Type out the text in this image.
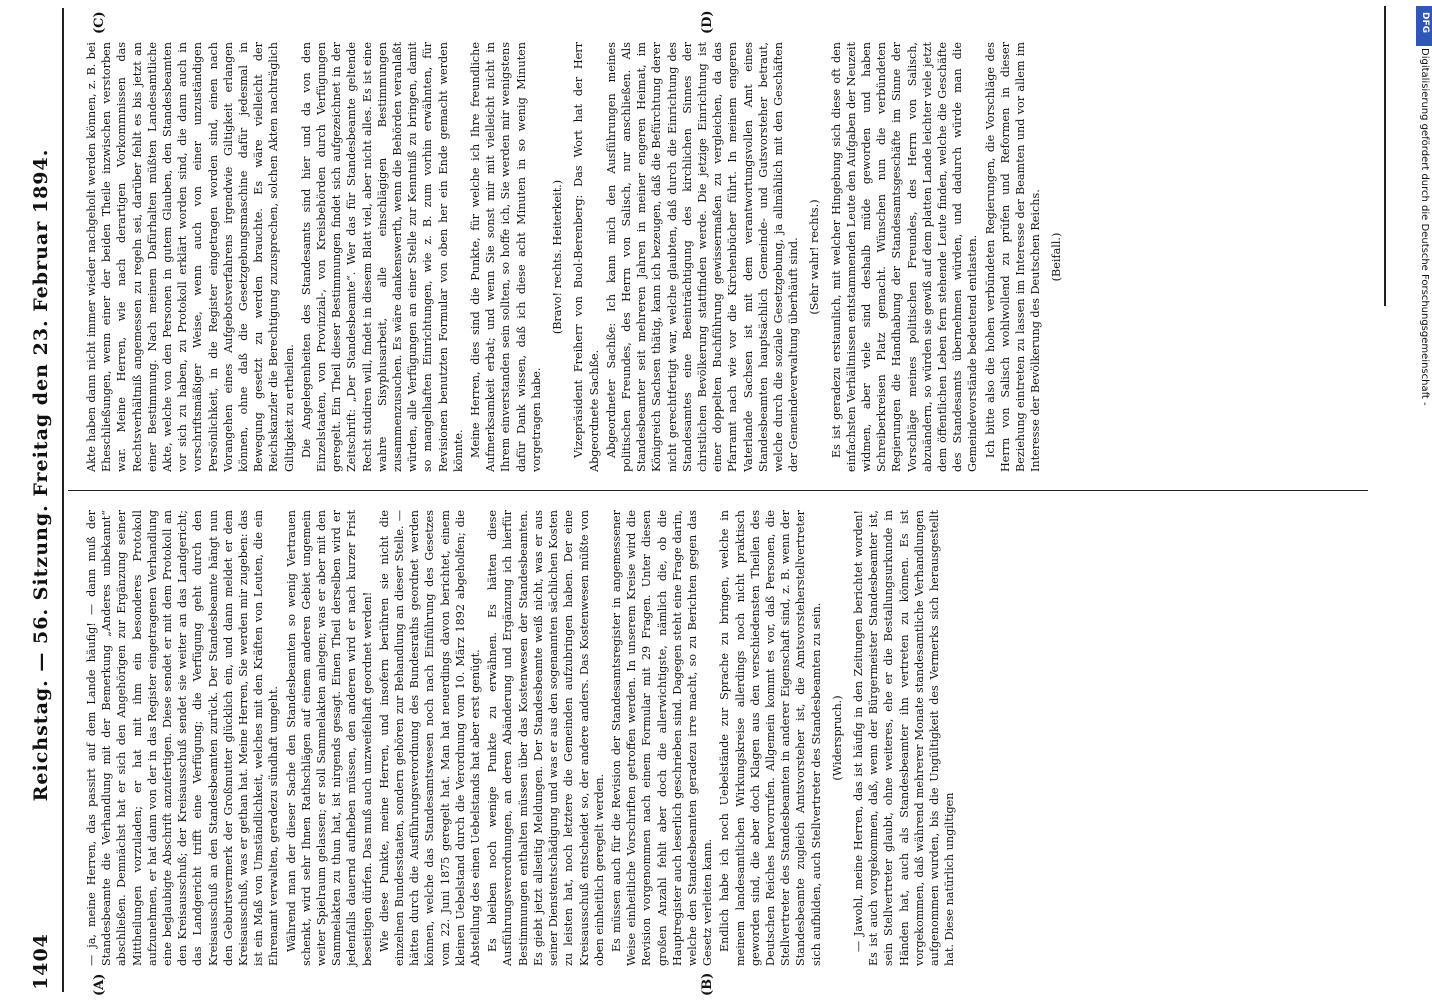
1404
Reichstag. — 56. Sitzung. Freitag den 23. Februar 1894.
(A)	(B)
(C)	(D)

— ja, meine Herren, das passirt auf dem Lande häufig! — dann muß der Standesbeamte die Verhandlung mit der Bemerkung „Anderes unbekannt“ abschließen. Demnächst hat er sich den Angehörigen zur Ergänzung seiner Mittheilungen vorzuladen; er hat mit ihm ein besonderes Protokoll aufzunehmen, er hat dann von der in das Register eingetragenen Verhandlung eine beglaubigte Abschrift anzufertigen. Diese sendet er mit dem Protokoll an den Kreisausschuß; der Kreisausschuß sendet sie weiter an das Landgericht; das Landgericht trifft eine Verfügung; die Verfügung geht durch den Kreisausschuß an den Standesbeamten zurück. Der Standesbeamte hängt nun den Geburtsvermerk der Großmutter glücklich ein, und dann meldet er dem Kreisausschuß, was er gethan hat. Meine Herren, Sie werden mir zugeben: das ist ein Maß von Umständlichkeit, welches mit den Kräften von Leuten, die ein Ehrenamt verwalten, geradezu sündhaft umgeht. Während man der dieser Sache den Standesbeamten so wenig Vertrauen schenkt, wird sehr Ihnen Rathschlägen auf einem anderen Gebiet ungemein weiter Spielraum gelassen; er soll Sammelakten anlegen; was er aber mit den Sammelakten zu thun hat, ist nirgends gesagt. Einen Theil derselben wird er jedenfalls dauernd aufheben müssen, den anderen wird er nach kurzer Frist beseitigen dürfen. Das muß auch unzweifelhaft geordnet werden! Wie diese Punkte, meine Herren, und insofern berühren sie nicht die einzelnen Bundesstaaten, sondern gehören zur Behandlung an dieser Stelle. — hätten durch die Ausführungsverordnung des Bundesraths geordnet werden können, welche das Standesamtswesen noch nach Einführung des Gesetzes vom 22. Juni 1875 geregelt hat. Man hat neuerdings davon berichtet, einem kleinen Uebelstand durch die Verordnung vom 10. März 1892 abgeholfen; die Abstellung des einen Uebelstands hat aber erst genügt. Es bleiben noch wenige Punkte zu erwähnen. Es hätten diese Ausführungsverordnungen, an deren Abänderung und Ergänzung ich hierfür Bestimmungen enthalten müssen über das Kostenwesen der Standesbeamten. Es giebt jetzt allseitig Meldungen. Der Standesbeamte weiß nicht, was er aus seiner Dienstentschädigung und was er aus den sogenannten sächlichen Kosten zu leisten hat, noch letztere die Gemeinden aufzubringen haben. Der eine Kreisausschuß entscheidet so, der andere anders. Das Kostenwesen müßte von oben einheitlich geregelt werden. Es müssen auch für die Revision der Standesamtsregister in angemessener Weise einheitliche Vorschriften getroffen werden. In unserem Kreise wird die Revision vorgenommen nach einem Formular mit 29 Fragen. Unter diesen großen Anzahl fehlt aber doch die allerwichtigste, nämlich die, ob die Hauptregister auch leserlich geschrieben sind. Dagegen steht eine Frage darin, welche den Standesbeamten geradezu irre macht, so zu Berichten gegen das Gesetz verleiten kann. Endlich habe ich noch Uebelstände zur Sprache zu bringen, welche in meinem landesamtlichen Wirkungskreise allerdings noch nicht praktisch geworden sind, die aber doch Klagen aus den verschiedensten Theilen des Deutschen Reiches hervorrufen. Allgemein kommt es vor, daß Personen, die Stellvertreter des Standesbeamten in anderer Eigenschaft sind, z. B. wenn der Standesbeamte zugleich Amtsvorsteher ist, die Amtsvorsteherstellvertreter sich aufbilden, auch Stellvertreter des Standesbeamten zu sein. (Widerspruch.) — Jawohl, meine Herren, das ist häufig in den Zeitungen berichtet worden! Es ist auch vorgekommen, daß, wenn der Bürgermeister Standesbeamter ist, sein Stellvertreter glaubt, ohne weiteres, ehe er die Bestallungsurkunde in Händen hat, auch als Standesbeamter ihn vertreten zu können. Es ist vorgekommen, daß während mehrerer Monate standesamtliche Verhandlungen aufgenommen wurden, bis die Ungültigkeit des Vermerks sich herausgestellt hat. Diese natürlich ungiltigen

Akte haben dann nicht immer wieder nachgeholt werden können, z. B. bei Eheschließungen, wenn einer der beiden Theile inzwischen verstorben war. Meine Herren, wie nach derartigen Vorkommnissen das Rechtsverhältniß angemessen zu regeln sei, darüber fehlt es bis jetzt an einer Bestimmung. Nach meinem Dafürhalten müßten Landesamtliche Akte, welche von den Personen in gutem Glauben, den Standesbeamten vor sich zu haben, zu Protokoll erklärt worden sind, die dann auch in vorschriftsmäßiger Weise, wenn auch von einer unzuständigen Persönlichkeit, in die Register eingetragen worden sind, einen nach Vorangehen eines Aufgebotsverfahrens irgendwie Giltigkeit erlangen können, ohne daß die Gesetzgebungsmaschine dafür jedesmal in Bewegung gesetzt zu werden brauchte. Es wäre vielleicht der Reichskanzler die Berechtigung zuzusprechen, solchen Akten nachträglich Giltigkeit zu ertheilen. Die Angelegenheiten des Standesamts sind hier und da von den Einzelstaaten, von Provinzial-, von Kreisbehörden durch Verfügungen geregelt. Ein Theil dieser Bestimmungen findet sich aufgezeichnet in der Zeitschrift: „Der Standesbeamte“. Wer das für Standesbeamte geltende Recht studiren will, findet in diesem Blatt viel, aber nicht alles. Es ist eine wahre Sisyphusarbeit, alle einschlägigen Bestimmungen zusammenzusuchen. Es wäre dankenswerth, wenn die Behörden veranlaßt würden, alle Verfügungen an einer Stelle zur Kenntniß zu bringen, damit so mangelhaften Einrichtungen, wie z. B. zum vorhin erwähnten, für Revisionen benutzten Formular von oben her ein Ende gemacht werden könnte. Meine Herren, dies sind die Punkte, für welche ich Ihre freundliche Aufmerksamkeit erbat; und wenn Sie sonst mir mit vielleicht nicht in Ihrem einverstanden sein sollten, so hoffe ich, Sie werden mir wenigstens dafür Dank wissen, daß ich diese acht Minuten in so wenig Minuten vorgetragen habe.

(Bravo! rechts. Heiterkeit.) Vizepräsident Freiherr von Buol-Berenberg: Das Wort hat der Herr Abgeordnete Sachße. Abgeordneter Sachße: Ich kann mich den Ausführungen meines politischen Freundes, des Herrn von Salisch, nur anschließen. Als Standesbeamter seit mehreren Jahren in meiner engeren Heimat, im Königreich Sachsen thätig, kann ich bezeugen, daß die Befürchtung derer nicht gerechtfertigt war, welche glaubten, daß durch die Einrichtung des Standesamtes eine Beeinträchtigung des kirchlichen Sinnes der christlichen Bevölkerung stattfinden werde. Die jetzige Einrichtung ist einer doppelten Buchführung gewissermaßen zu vergleichen, da das Pfarramt nach wie vor die Kirchenbücher führt. In meinem engeren Vaterlande Sachsen ist mit dem verantwortungsvollen Amt eines Standesbeamten hauptsächlich Gemeinde- und Gutsvorsteher betraut, welche durch die soziale Gesetzgebung, ja allmählich mit den Geschäften der Gemeindeverwaltung überhäuft sind. (Sehr wahr! rechts.) Es ist geradezu erstaunlich, mit welcher Hingebung sich diese oft den einfachsten Verhältnissen entstammenden Leute den Aufgaben der Neuzeit widmen, aber viele sind deshalb müde geworden und haben Schreiberkreisen Platz gemacht. Wünschen nun die verbündeten Regierungen die Handhabung der Standesamtsgeschäfte im Sinne der Vorschläge meines politischen Freundes, des Herrn von Salisch, abzuändern, so würden sie gewiß auf dem platten Lande leichter viele jetzt dem öffentlichen Leben fern stehende Leute finden, welche die Geschäfte des Standesamts übernehmen würden, und dadurch würde man die Gemeindevorstände bedeutend entlasten. Ich bitte also die hohen verbündeten Regierungen, die Vorschläge des Herrn von Salisch wohlwollend zu prüfen und Reformen in dieser Beziehung eintreten zu lassen im Interesse der Beamten und vor allem im Interesse der Bevölkerung des Deutschen Reichs. (Beifall.)

DFG
Digitalisierung gefördert durch die Deutsche Forschungsgemeinschaft -
